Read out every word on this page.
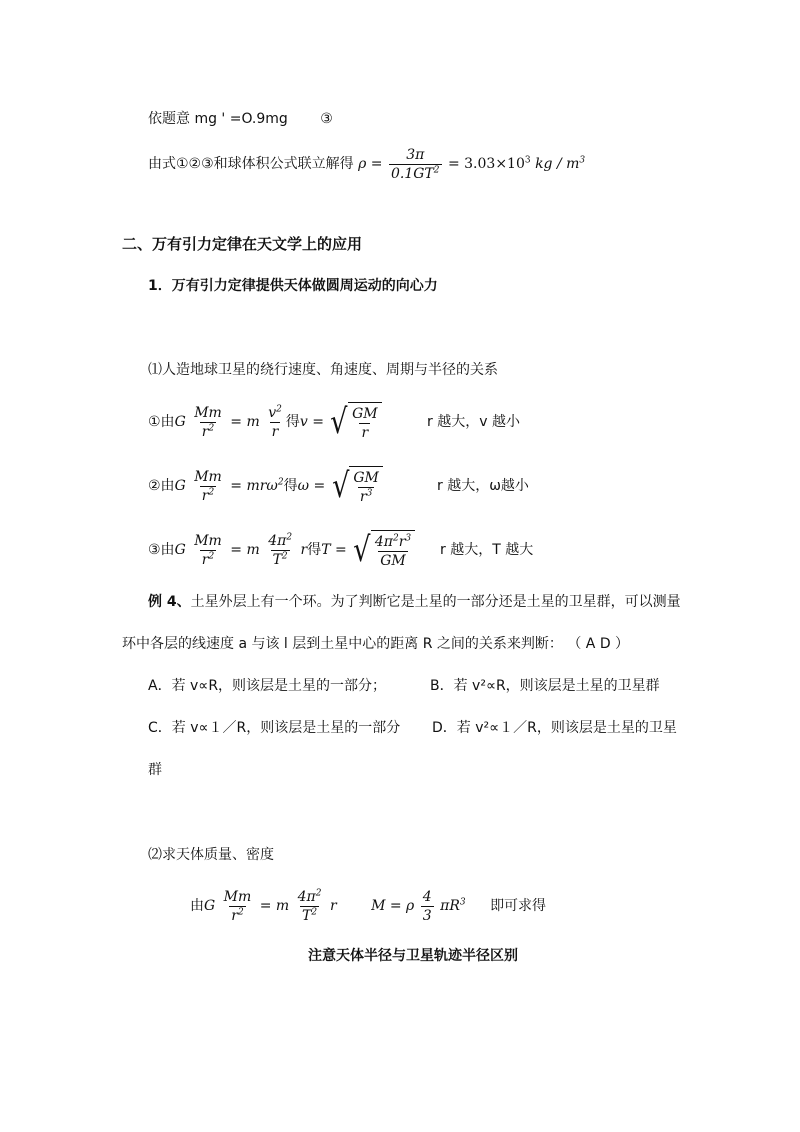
依题意 mg ' =O.9mg ③
由式①②③和球体积公式联立解得 $\rho = \frac{3\pi}{0.1GT^2} = 3.03\times 10^3$ kg / $m^3$
二、万有引力定律在天文学上的应用
1．万有引力定律提供天体做圆周运动的向心力
⑴人造地球卫星的绕行速度、角速度、周期与半径的关系
①由G $\frac{Mm}{r^2} = m \frac{v^2}{r}$ 得v = √ $\frac{GM}{r}$	r 越大，v 越小
②由G $\frac{Mm}{r^2} = mr\omega^2$得ω = √ $\frac{GM}{r^3}$	r 越大，ω越小
③由G $\frac{Mm}{r^2} = m \frac{4\pi^2}{T^2}$ r得T = √ $\frac{4\pi^2r^3}{GM}$ r 越大，T 越大
例 4、土星外层上有一个环。为了判断它是土星的一部分还是土星的卫星群，可以测量
环中各层的线速度 a 与该 l 层到土星中心的距离 R 之间的关系来判断： （ A D ）
A．若 v∝R，则该层是土星的一部分；	B．若 v²∝R，则该层是土星的卫星群
C．若 v∝１／R，则该层是土星的一部分 D．若 v²∝１／R，则该层是土星的卫星
群
⑵求天体质量、密度
由G $\frac{Mm}{r^2} = m \frac{4\pi^2}{T^2}$ r M = ρ $\frac{4}{3} \pi R^3$ 即可求得
注意天体半径与卫星轨迹半径区别
